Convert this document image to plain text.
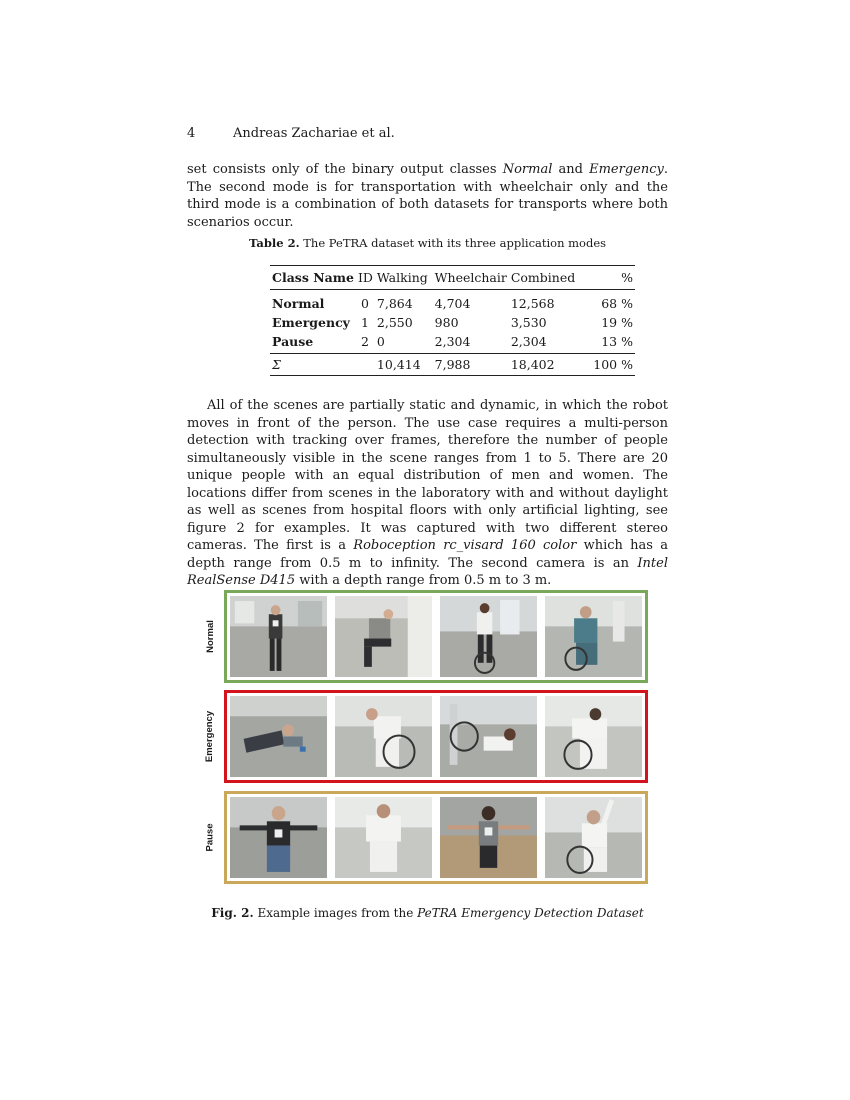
4	Andreas Zachariae et al.

set consists only of the binary output classes Normal and Emergency. The second mode is for transportation with wheelchair only and the third mode is a combination of both datasets for transports where both scenarios occur.

Table 2. The PeTRA dataset with its three application modes
Class Name	ID	Walking	Wheelchair	Combined	%
Normal	0	7,864	4,704	12,568	68 %
Emergency	1	2,550	980	3,530	19 %
Pause	2	0	2,304	2,304	13 %
Σ		10,414	7,988	18,402	100 %

All of the scenes are partially static and dynamic, in which the robot moves in front of the person. The use case requires a multi-person detection with tracking over frames, therefore the number of people simultaneously visible in the scene ranges from 1 to 5. There are 20 unique people with an equal distribution of men and women. The locations differ from scenes in the laboratory with and without daylight as well as scenes from hospital floors with only artificial lighting, see figure 2 for examples. It was captured with two different stereo cameras. The first is a Roboception rc_visard 160 color which has a depth range from 0.5 m to infinity. The second camera is an Intel RealSense D415 with a depth range from 0.5 m to 3 m.

Normal
Emergency
Pause
Fig. 2. Example images from the PeTRA Emergency Detection Dataset
